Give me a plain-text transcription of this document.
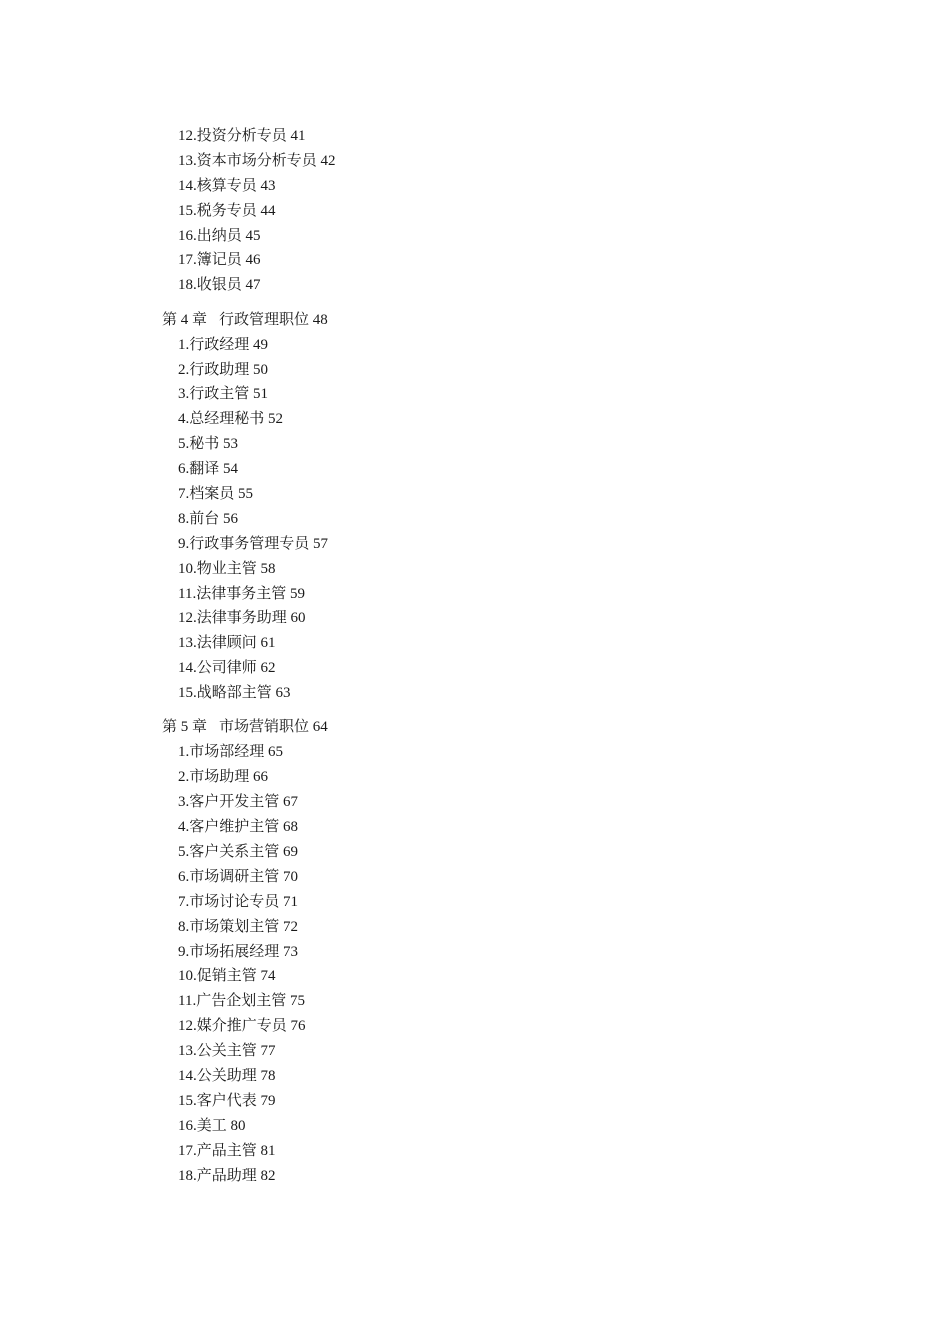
12.投资分析专员 41
13.资本市场分析专员 42
14.核算专员 43
15.税务专员 44
16.出纳员 45
17.簿记员 46
18.收银员 47
第 4 章 行政管理职位 48
1.行政经理 49
2.行政助理 50
3.行政主管 51
4.总经理秘书 52
5.秘书 53
6.翻译 54
7.档案员 55
8.前台 56
9.行政事务管理专员 57
10.物业主管 58
11.法律事务主管 59
12.法律事务助理 60
13.法律顾问 61
14.公司律师 62
15.战略部主管 63
第 5 章 市场营销职位 64
1.市场部经理 65
2.市场助理 66
3.客户开发主管 67
4.客户维护主管 68
5.客户关系主管 69
6.市场调研主管 70
7.市场讨论专员 71
8.市场策划主管 72
9.市场拓展经理 73
10.促销主管 74
11.广告企划主管 75
12.媒介推广专员 76
13.公关主管 77
14.公关助理 78
15.客户代表 79
16.美工 80
17.产品主管 81
18.产品助理 82
